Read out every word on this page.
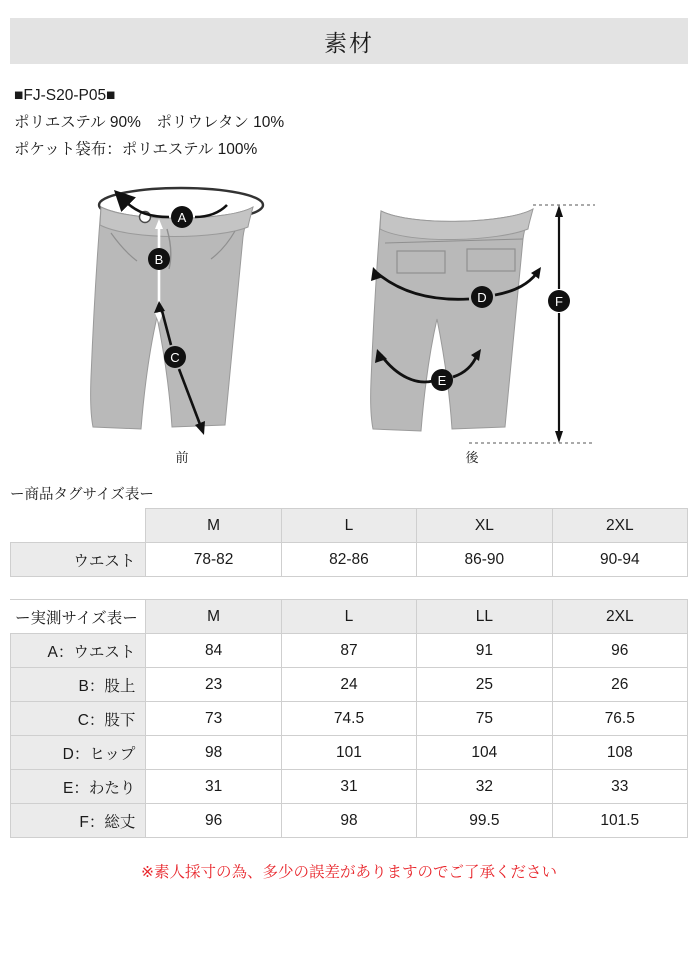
素材
■FJ-S20-P05■
ポリエステル 90%　ポリウレタン 10%
ポケット袋布：ポリエステル 100%
A
B
C
前
D
E
F
後
ー商品タグサイズ表ー
	M	L	XL	2XL
ウエスト	78-82	82-86	86-90	90-94
ー実測サイズ表ー	M	L	LL	2XL
A：ウエスト	84	87	91	96
B：股上	23	24	25	26
C：股下	73	74.5	75	76.5
D：ヒップ	98	101	104	108
E：わたり	31	31	32	33
F：総丈	96	98	99.5	101.5
※素人採寸の為、多少の誤差がありますのでご了承ください
